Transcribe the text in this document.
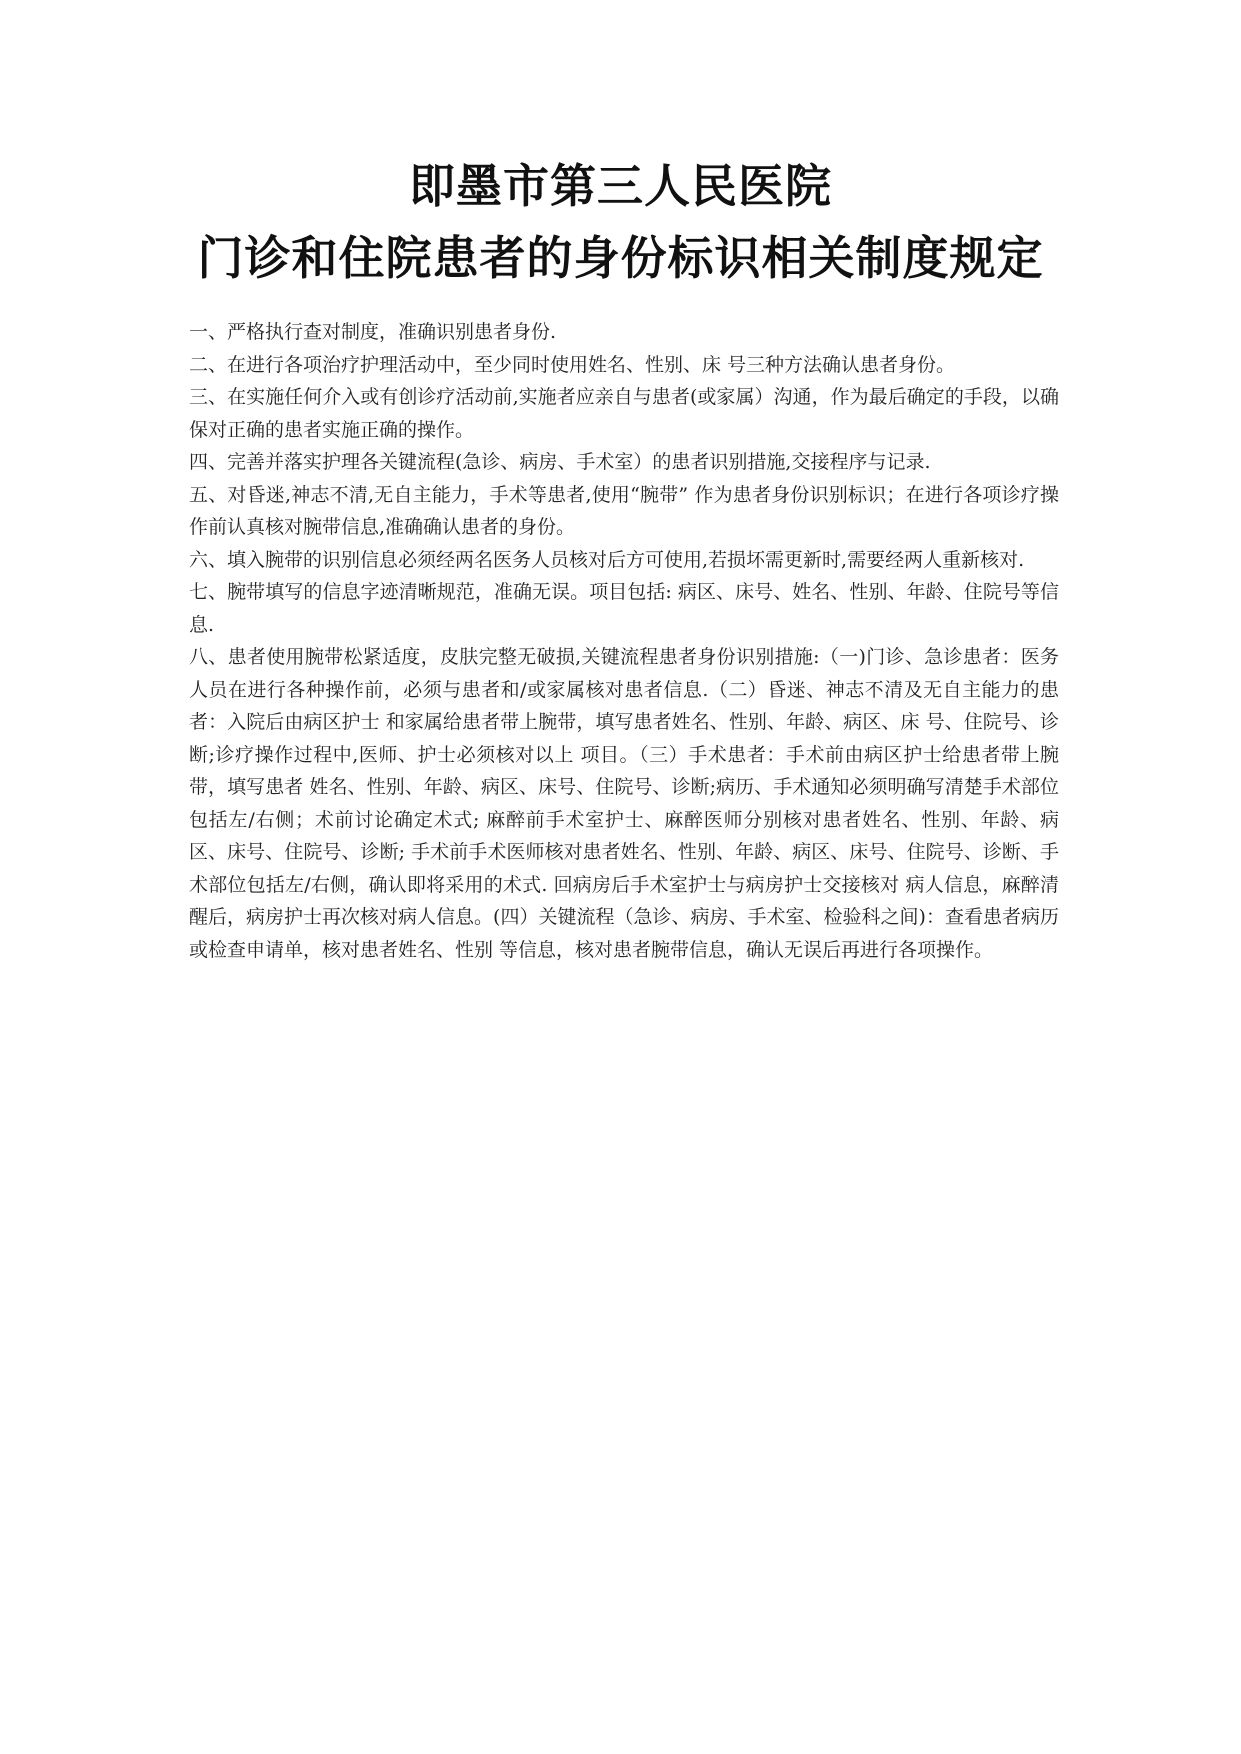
即墨市第三人民医院
门诊和住院患者的身份标识相关制度规定

一、严格执行查对制度，准确识别患者身份.

二、在进行各项治疗护理活动中，至少同时使用姓名、性别、床 号三种方法确认患者身份。

三、在实施任何介入或有创诊疗活动前,实施者应亲自与患者(或家属）沟通，作为最后确定的手段，以确保对正确的患者实施正确的操作。

四、完善并落实护理各关键流程(急诊、病房、手术室）的患者识别措施,交接程序与记录.

五、对昏迷,神志不清,无自主能力，手术等患者,使用“腕带” 作为患者身份识别标识；在进行各项诊疗操作前认真核对腕带信息,准确确认患者的身份。

六、填入腕带的识别信息必须经两名医务人员核对后方可使用,若损坏需更新时,需要经两人重新核对.

七、腕带填写的信息字迹清晰规范，准确无误。项目包括: 病区、床号、姓名、性别、年龄、住院号等信息.

八、患者使用腕带松紧适度，皮肤完整无破损,关键流程患者身份识别措施:（一)门诊、急诊患者：医务人员在进行各种操作前，必须与患者和/或家属核对患者信息.（二）昏迷、神志不清及无自主能力的患者：入院后由病区护士 和家属给患者带上腕带，填写患者姓名、性别、年龄、病区、床 号、住院号、诊断;诊疗操作过程中,医师、护士必须核对以上 项目。（三）手术患者：手术前由病区护士给患者带上腕带，填写患者 姓名、性别、年龄、病区、床号、住院号、诊断;病历、手术通知必须明确写清楚手术部位包括左/右侧；术前讨论确定术式; 麻醉前手术室护士、麻醉医师分别核对患者姓名、性别、年龄、病区、床号、住院号、诊断; 手术前手术医师核对患者姓名、性别、年龄、病区、床号、住院号、诊断、手术部位包括左/右侧，确认即将采用的术式. 回病房后手术室护士与病房护士交接核对 病人信息，麻醉清醒后，病房护士再次核对病人信息。(四）关键流程（急诊、病房、手术室、检验科之间)：查看患者病历或检查申请单，核对患者姓名、性别 等信息，核对患者腕带信息，确认无误后再进行各项操作。
